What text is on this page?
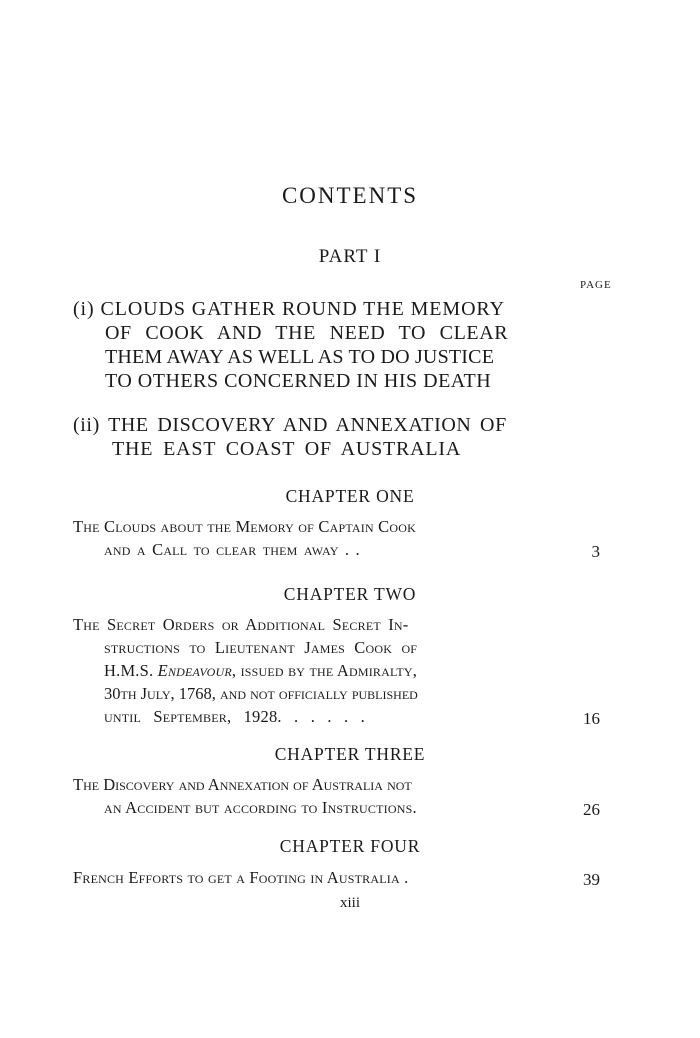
CONTENTS
PART I
PAGE
(i) CLOUDS GATHER ROUND THE MEMORY
OF COOK AND THE NEED TO CLEAR
THEM AWAY AS WELL AS TO DO JUSTICE
TO OTHERS CONCERNED IN HIS DEATH
(ii) THE DISCOVERY AND ANNEXATION OF
THE EAST COAST OF AUSTRALIA
CHAPTER ONE
The Clouds about the Memory of Captain Cook
and a Call to clear them away . .	3
CHAPTER TWO
The Secret Orders or Additional Secret In-
structions to Lieutenant James Cook of
H.M.S. Endeavour, issued by the Admiralty,
30th July, 1768, and not officially published
until September, 1928. . . . . .	16
CHAPTER THREE
The Discovery and Annexation of Australia not
an Accident but according to Instructions.	26
CHAPTER FOUR
French Efforts to get a Footing in Australia .	39
xiii
